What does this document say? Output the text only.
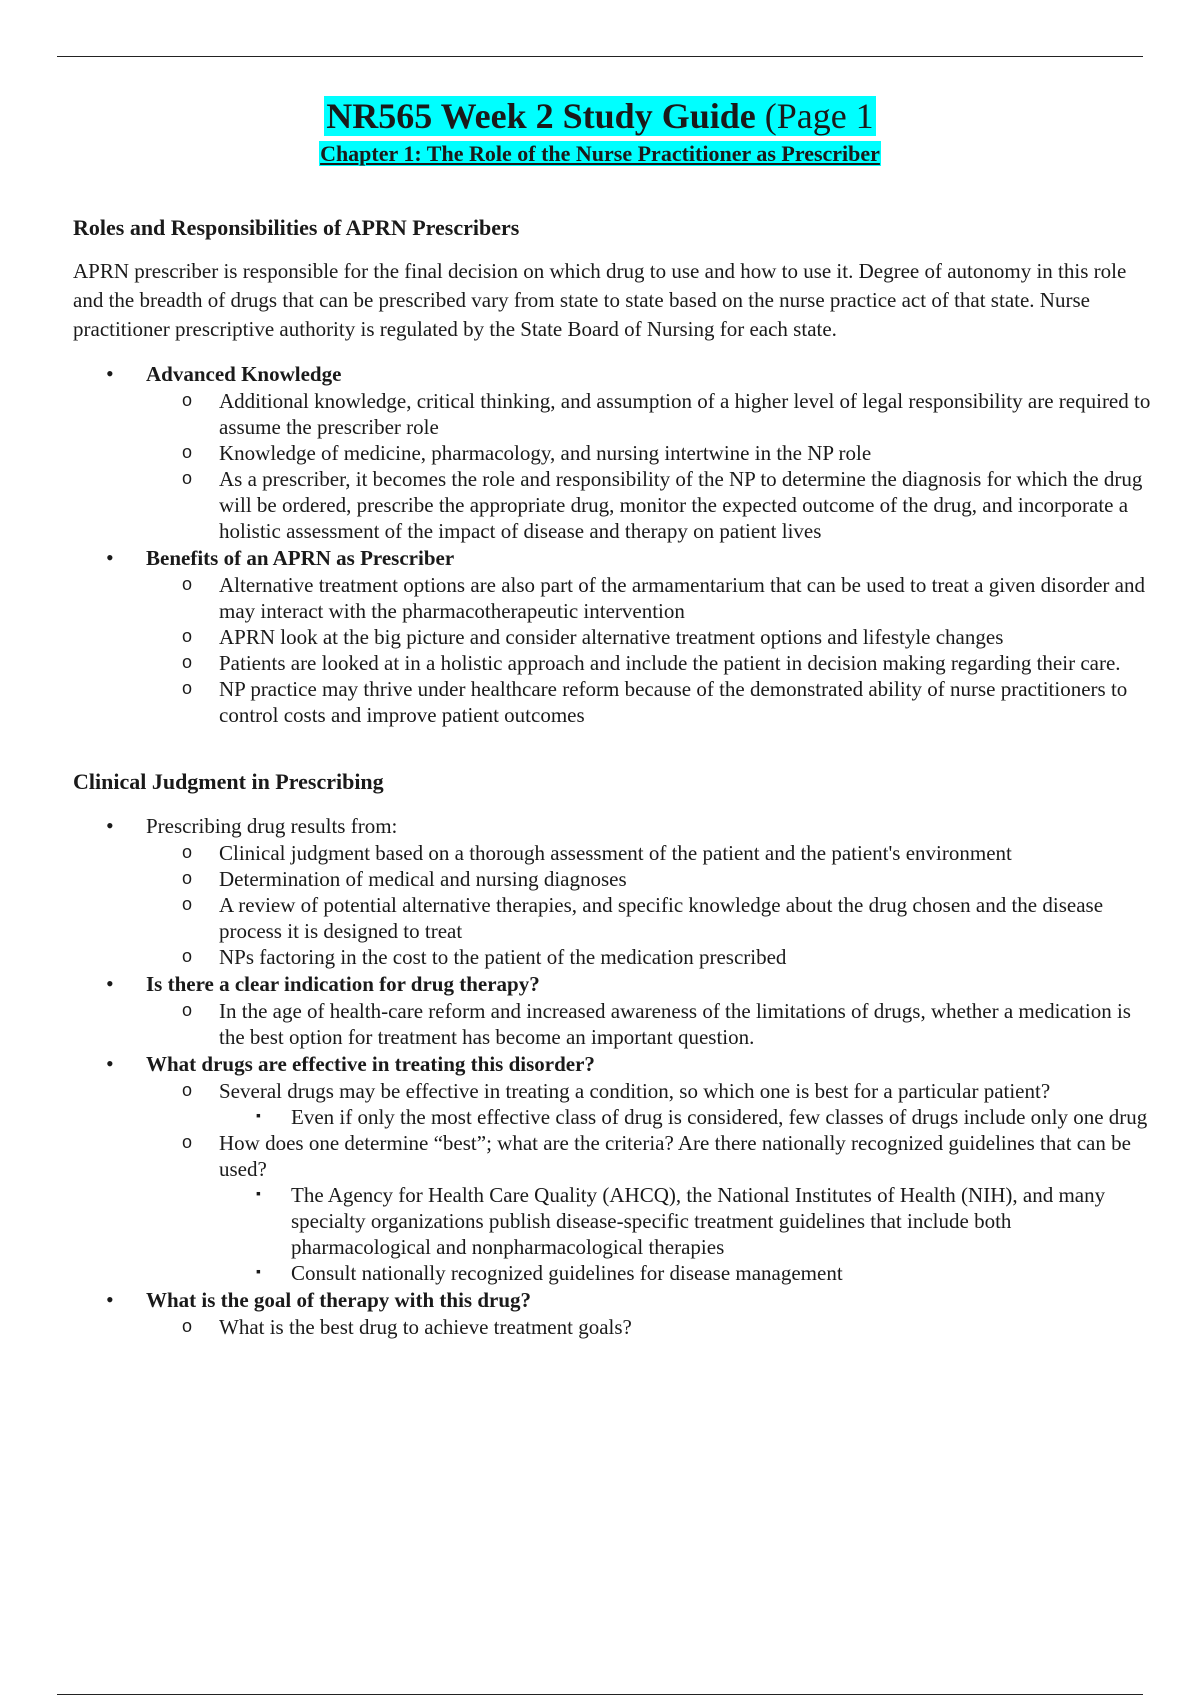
NR565 Week 2 Study Guide (Page 1
Chapter 1: The Role of the Nurse Practitioner as Prescriber
Roles and Responsibilities of APRN Prescribers

APRN prescriber is responsible for the final decision on which drug to use and how to use it. Degree of autonomy in this role and the breadth of drugs that can be prescribed vary from state to state based on the nurse practice act of that state. Nurse practitioner prescriptive authority is regulated by the State Board of Nursing for each state.

• Advanced Knowledge
o Additional knowledge, critical thinking, and assumption of a higher level of legal responsibility are required to assume the prescriber role
o Knowledge of medicine, pharmacology, and nursing intertwine in the NP role
o As a prescriber, it becomes the role and responsibility of the NP to determine the diagnosis for which the drug will be ordered, prescribe the appropriate drug, monitor the expected outcome of the drug, and incorporate a holistic assessment of the impact of disease and therapy on patient lives
• Benefits of an APRN as Prescriber
o Alternative treatment options are also part of the armamentarium that can be used to treat a given disorder and may interact with the pharmacotherapeutic intervention
o APRN look at the big picture and consider alternative treatment options and lifestyle changes
o Patients are looked at in a holistic approach and include the patient in decision making regarding their care.
o NP practice may thrive under healthcare reform because of the demonstrated ability of nurse practitioners to control costs and improve patient outcomes
Clinical Judgment in Prescribing
• Prescribing drug results from:
o Clinical judgment based on a thorough assessment of the patient and the patient's environment
o Determination of medical and nursing diagnoses
o A review of potential alternative therapies, and specific knowledge about the drug chosen and the disease process it is designed to treat
o NPs factoring in the cost to the patient of the medication prescribed
• Is there a clear indication for drug therapy?
o In the age of health-care reform and increased awareness of the limitations of drugs, whether a medication is the best option for treatment has become an important question.
• What drugs are effective in treating this disorder?
o Several drugs may be effective in treating a condition, so which one is best for a particular patient?
▪ Even if only the most effective class of drug is considered, few classes of drugs include only one drug
o How does one determine “best”; what are the criteria? Are there nationally recognized guidelines that can be used?
▪ The Agency for Health Care Quality (AHCQ), the National Institutes of Health (NIH), and many specialty organizations publish disease-specific treatment guidelines that include both pharmacological and nonpharmacological therapies
▪ Consult nationally recognized guidelines for disease management
• What is the goal of therapy with this drug?
o What is the best drug to achieve treatment goals?
